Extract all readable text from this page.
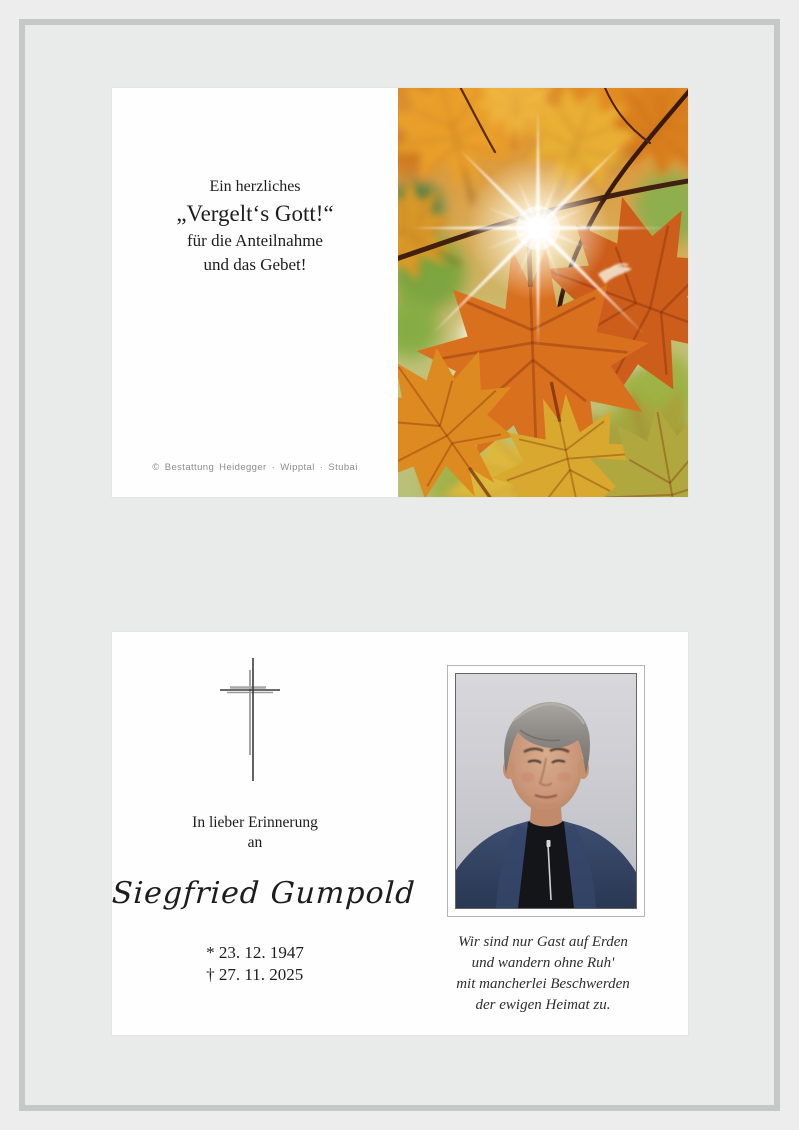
Ein herzliches
„Vergelt‘s Gott!“
für die Anteilnahme
und das Gebet!
© Bestattung Heidegger · Wipptal · Stubai
In lieber Erinnerung
an
Siegfried Gumpold
* 23. 12. 1947
† 27. 11. 2025
Wir sind nur Gast auf Erden
und wandern ohne Ruh'
mit mancherlei Beschwerden
der ewigen Heimat zu.
